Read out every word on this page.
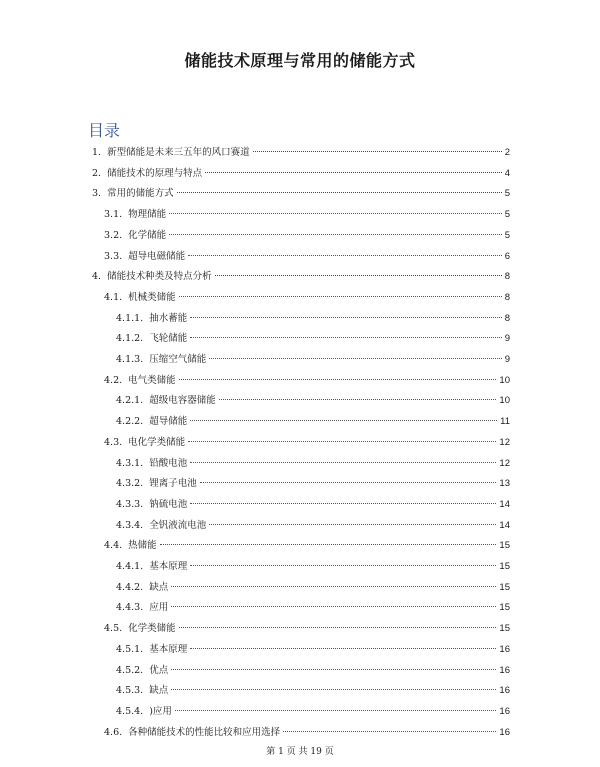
储能技术原理与常用的储能方式
目录
1. 新型储能是未来三五年的风口赛道	2
2. 储能技术的原理与特点	4
3. 常用的储能方式	5
3.1. 物理储能	5
3.2. 化学储能	5
3.3. 超导电磁储能	6
4. 储能技术种类及特点分析	8
4.1. 机械类储能	8
4.1.1. 抽水蓄能	8
4.1.2. 飞轮储能	9
4.1.3. 压缩空气储能	9
4.2. 电气类储能	10
4.2.1. 超级电容器储能	10
4.2.2. 超导储能	11
4.3. 电化学类储能	12
4.3.1. 铅酸电池	12
4.3.2. 锂离子电池	13
4.3.3. 钠硫电池	14
4.3.4. 全钒液流电池	14
4.4. 热储能	15
4.4.1. 基本原理	15
4.4.2. 缺点	15
4.4.3. 应用	15
4.5. 化学类储能	15
4.5.1. 基本原理	16
4.5.2. 优点	16
4.5.3. 缺点	16
4.5.4. )应用	16
4.6. 各种储能技术的性能比较和应用选择	16
第 1 页 共 19 页
